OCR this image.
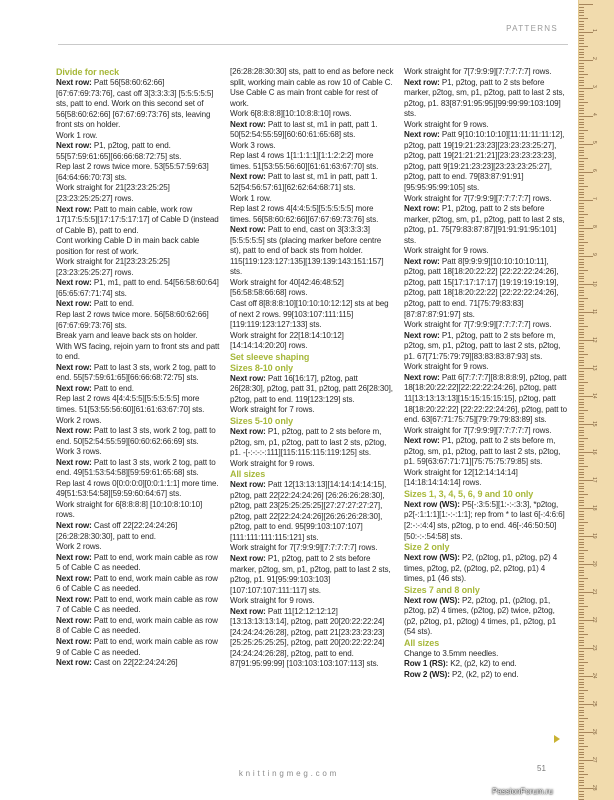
PATTERNS

Divide for neck

Next row: Patt 56[58:60:62:66] [67:67:69:73:76], cast off 3[3:3:3:3] [5:5:5:5:5] sts, patt to end. Work on this second set of 56[58:60:62:66] [67:67:69:73:76] sts, leaving front sts on holder.

Work 1 row.

Next row: P1, p2tog, patt to end. 55[57:59:61:65][66:66:68:72:75] sts.

Rep last 2 rows twice more. 53[55:57:59:63][64:64:66:70:73] sts.

Work straight for 21[23:23:25:25] [23:23:25:25:27] rows.

Next row: Patt to main cable, work row 17[17:5:5:5][17:17:5:17:17] of Cable D (instead of Cable B), patt to end.

Cont working Cable D in main back cable position for rest of work.

Work straight for 21[23:23:25:25] [23:23:25:25:27] rows.

Next row: P1, m1, patt to end. 54[56:58:60:64][65:65:67:71:74] sts.

Next row: Patt to end.

Rep last 2 rows twice more. 56[58:60:62:66][67:67:69:73:76] sts.

Break yarn and leave back sts on holder.

With WS facing, rejoin yarn to front sts and patt to end.

Next row: Patt to last 3 sts, work 2 tog, patt to end. 55[57:59:61:65][66:66:68:72:75] sts.

Next row: Patt to end.

Rep last 2 rows 4[4:4:5:5][5:5:5:5:5] more times. 51[53:55:56:60][61:61:63:67:70] sts.

Work 2 rows.

Next row: Patt to last 3 sts, work 2 tog, patt to end. 50[52:54:55:59][60:60:62:66:69] sts.

Work 3 rows.

Next row: Patt to last 3 sts, work 2 tog, patt to end. 49[51:53:54:58][59:59:61:65:68] sts.

Rep last 4 rows 0[0:0:0:0][0:0:1:1:1] more time. 49[51:53:54:58][59:59:60:64:67] sts.

Work straight for 6[8:8:8:8] [10:10:8:10:10] rows.

Next row: Cast off 22[22:24:24:26] [26:28:28:30:30], patt to end.

Work 2 rows.

Next row: Patt to end, work main cable as row 5 of Cable C as needed.

Next row: Patt to end, work main cable as row 6 of Cable C as needed.

Next row: Patt to end, work main cable as row 7 of Cable C as needed.

Next row: Patt to end, work main cable as row 8 of Cable C as needed.

Next row: Patt to end, work main cable as row 9 of Cable C as needed.

Next row: Cast on 22[22:24:24:26]

[26:28:28:30:30] sts, patt to end as before neck split, working main cable as row 10 of Cable C.

Use Cable C as main front cable for rest of work.

Work 6[8:8:8:8][10:10:8:8:10] rows.

Next row: Patt to last st, m1 in patt, patt 1. 50[52:54:55:59][60:60:61:65:68] sts.

Work 3 rows.

Rep last 4 rows 1[1:1:1:1][1:1:2:2:2] more times. 51[53:55:56:60][61:61:63:67:70] sts.

Next row: Patt to last st, m1 in patt, patt 1. 52[54:56:57:61][62:62:64:68:71] sts.

Work 1 row.

Rep last 2 rows 4[4:4:5:5][5:5:5:5:5] more times. 56[58:60:62:66][67:67:69:73:76] sts.

Next row: Patt to end, cast on 3[3:3:3:3] [5:5:5:5:5] sts (placing marker before centre st), patt to end of back sts from holder.

115[119:123:127:135][139:139:143:151:157] sts.

Work straight for 40[42:46:48:52] [56:58:58:66:68] rows.

Cast off 8[8:8:8:10][10:10:10:12:12] sts at beg of next 2 rows. 99[103:107:111:115] [119:119:123:127:133] sts.

Work straight for 22[18:14:10:12] [14:14:14:20:20] rows.

Set sleeve shaping

Sizes 8-10 only

Next row: Patt 16[16:17], p2tog, patt 26[28:30], p2tog, patt 31, p2tog, patt 26[28:30], p2tog, patt to end. 119[123:129] sts.

Work straight for 7 rows.

Sizes 5-10 only

Next row: P1, p2tog, patt to 2 sts before m, p2tog, sm, p1, p2tog, patt to last 2 sts, p2tog, p1. -[-:-:-:-:111][115:115:115:119:125] sts.

Work straight for 9 rows.

All sizes

Next row: Patt 12[13:13:13][14:14:14:14:15], p2tog, patt 22[22:24:24:26] [26:26:26:28:30], p2tog, patt 23[25:25:25:25][27:27:27:27:27], p2tog, patt 22[22:24:24:26][26:26:26:28:30], p2tog, patt to end. 95[99:103:107:107][111:111:111:115:121] sts.

Work straight for 7[7:9:9:9][7:7:7:7:7] rows.

Next row: P1, p2tog, patt to 2 sts before marker, p2tog, sm, p1, p2tog, patt to last 2 sts, p2tog, p1. 91[95:99:103:103][107:107:107:111:117] sts.

Work straight for 9 rows.

Next row: Patt 11[12:12:12:12][13:13:13:13:14], p2tog, patt 20[20:22:22:24] [24:24:24:26:28], p2tog, patt 21[23:23:23:23][25:25:25:25:25], p2tog, patt 20[20:22:22:24][24:24:24:26:28], p2tog, patt to end. 87[91:95:99:99] [103:103:103:107:113] sts.

Work straight for 7[7:9:9:9][7:7:7:7:7] rows.

Next row: P1, p2tog, patt to 2 sts before marker, p2tog, sm, p1, p2tog, patt to last 2 sts, p2tog, p1. 83[87:91:95:95][99:99:99:103:109] sts.

Work straight for 9 rows.

Next row: Patt 9[10:10:10:10][11:11:11:11:12], p2tog, patt 19[19:21:23:23][23:23:23:25:27], p2tog, patt 19[21:21:21:21][23:23:23:23:23], p2tog, patt 9[19:21:23:23][23:23:23:25:27], p2tog, patt to end. 79[83:87:91:91][95:95:95:99:105] sts.

Work straight for 7[7:9:9:9][7:7:7:7:7] rows.

Next row: P1, p2tog, patt to 2 sts before marker, p2tog, sm, p1, p2tog, patt to last 2 sts, p2tog, p1. 75[79:83:87:87][91:91:91:95:101] sts.

Work straight for 9 rows.

Next row: Patt 8[9:9:9:9][10:10:10:10:11], p2tog, patt 18[18:20:22:22] [22:22:22:24:26], p2tog, patt 15[17:17:17:17] [19:19:19:19:19], p2tog, patt 18[18:20:22:22] [22:22:22:24:26], p2tog, patt to end. 71[75:79:83:83][87:87:87:91:97] sts.

Work straight for 7[7:9:9:9][7:7:7:7:7] rows.

Next row: P1, p2tog, patt to 2 sts before m, p2tog, sm, p1, p2tog, patt to last 2 sts, p2tog, p1. 67[71:75:79:79][83:83:83:87:93] sts.

Work straight for 9 rows.

Next row: Patt 6[7:7:7:7][8:8:8:8:9], p2tog, patt 18[18:20:22:22][22:22:22:24:26], p2tog, patt 11[13:13:13:13][15:15:15:15:15], p2tog, patt 18[18:20:22:22] [22:22:22:24:26], p2tog, patt to end. 63[67:71:75:75][79:79:79:83:89] sts.

Work straight for 7[7:9:9:9][7:7:7:7:7] rows.

Next row: P1, p2tog, patt to 2 sts before m, p2tog, sm, p1, p2tog, patt to last 2 sts, p2tog, p1. 59[63:67:71:71][75:75:75:79:85] sts.

Work straight for 12[12:14:14:14] [14:18:14:14:14] rows.

Sizes 1, 3, 4, 5, 6, 9 and 10 only

Next row (WS): P5[-:3:5:5][1:-:-:3:3], *p2tog, p2[-:1:1:1][1:-:-:1:1]; rep from * to last 6[-:4:6:6][2:-:-:4:4] sts, p2tog, p to end. 46[-:46:50:50][50:-:-:54:58] sts.

Size 2 only

Next row (WS): P2, (p2tog, p1, p2tog, p2) 4 times, p2tog, p2, (p2tog, p2, p2tog, p1) 4 times, p1 (46 sts).

Sizes 7 and 8 only

Next row (WS): P2, p2tog, p1, (p2tog, p1, p2tog, p2) 4 times, (p2tog, p2) twice, p2tog, (p2, p2tog, p1, p2tog) 4 times, p1, p2tog, p1 (54 sts).

All sizes

Change to 3.5mm needles.

Row 1 (RS): K2, (p2, k2) to end.

Row 2 (WS): P2, (k2, p2) to end.

knittingmeg.com
51
1
2
3
4
5
6
7
8
9
10
11
12
13
14
15
16
17
18
19
20
21
22
23
24
25
26
27
28
PassionForum.ru
